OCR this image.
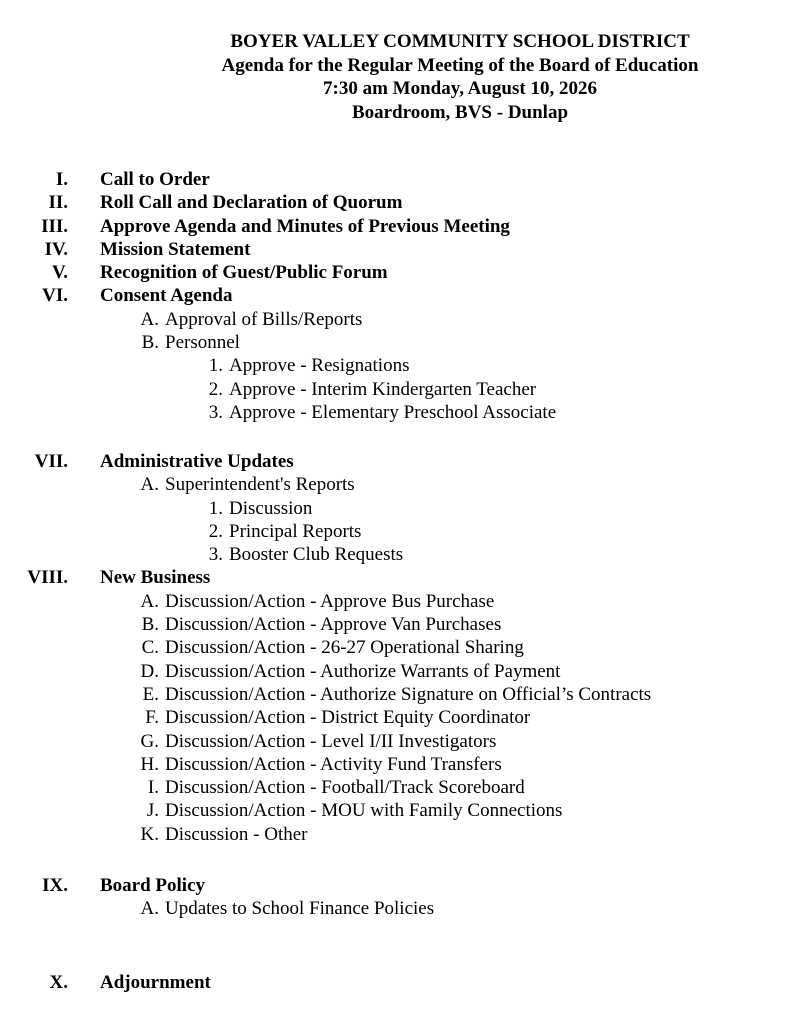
BOYER VALLEY COMMUNITY SCHOOL DISTRICT
Agenda for the Regular Meeting of the Board of Education
7:30 am Monday, August 10, 2026
Boardroom, BVS - Dunlap
I. Call to Order
II. Roll Call and Declaration of Quorum
III. Approve Agenda and Minutes of Previous Meeting
IV. Mission Statement
V. Recognition of Guest/Public Forum
VI. Consent Agenda
A. Approval of Bills/Reports
B. Personnel
1. Approve - Resignations
2. Approve - Interim Kindergarten Teacher
3. Approve - Elementary Preschool Associate
VII. Administrative Updates
A. Superintendent's Reports
1. Discussion
2. Principal Reports
3. Booster Club Requests
VIII. New Business
A. Discussion/Action - Approve Bus Purchase
B. Discussion/Action - Approve Van Purchases
C. Discussion/Action - 26-27 Operational Sharing
D. Discussion/Action - Authorize Warrants of Payment
E. Discussion/Action - Authorize Signature on Official’s Contracts
F. Discussion/Action - District Equity Coordinator
G. Discussion/Action - Level I/II Investigators
H. Discussion/Action - Activity Fund Transfers
I. Discussion/Action - Football/Track Scoreboard
J. Discussion/Action - MOU with Family Connections
K. Discussion - Other
IX. Board Policy
A. Updates to School Finance Policies
X. Adjournment
